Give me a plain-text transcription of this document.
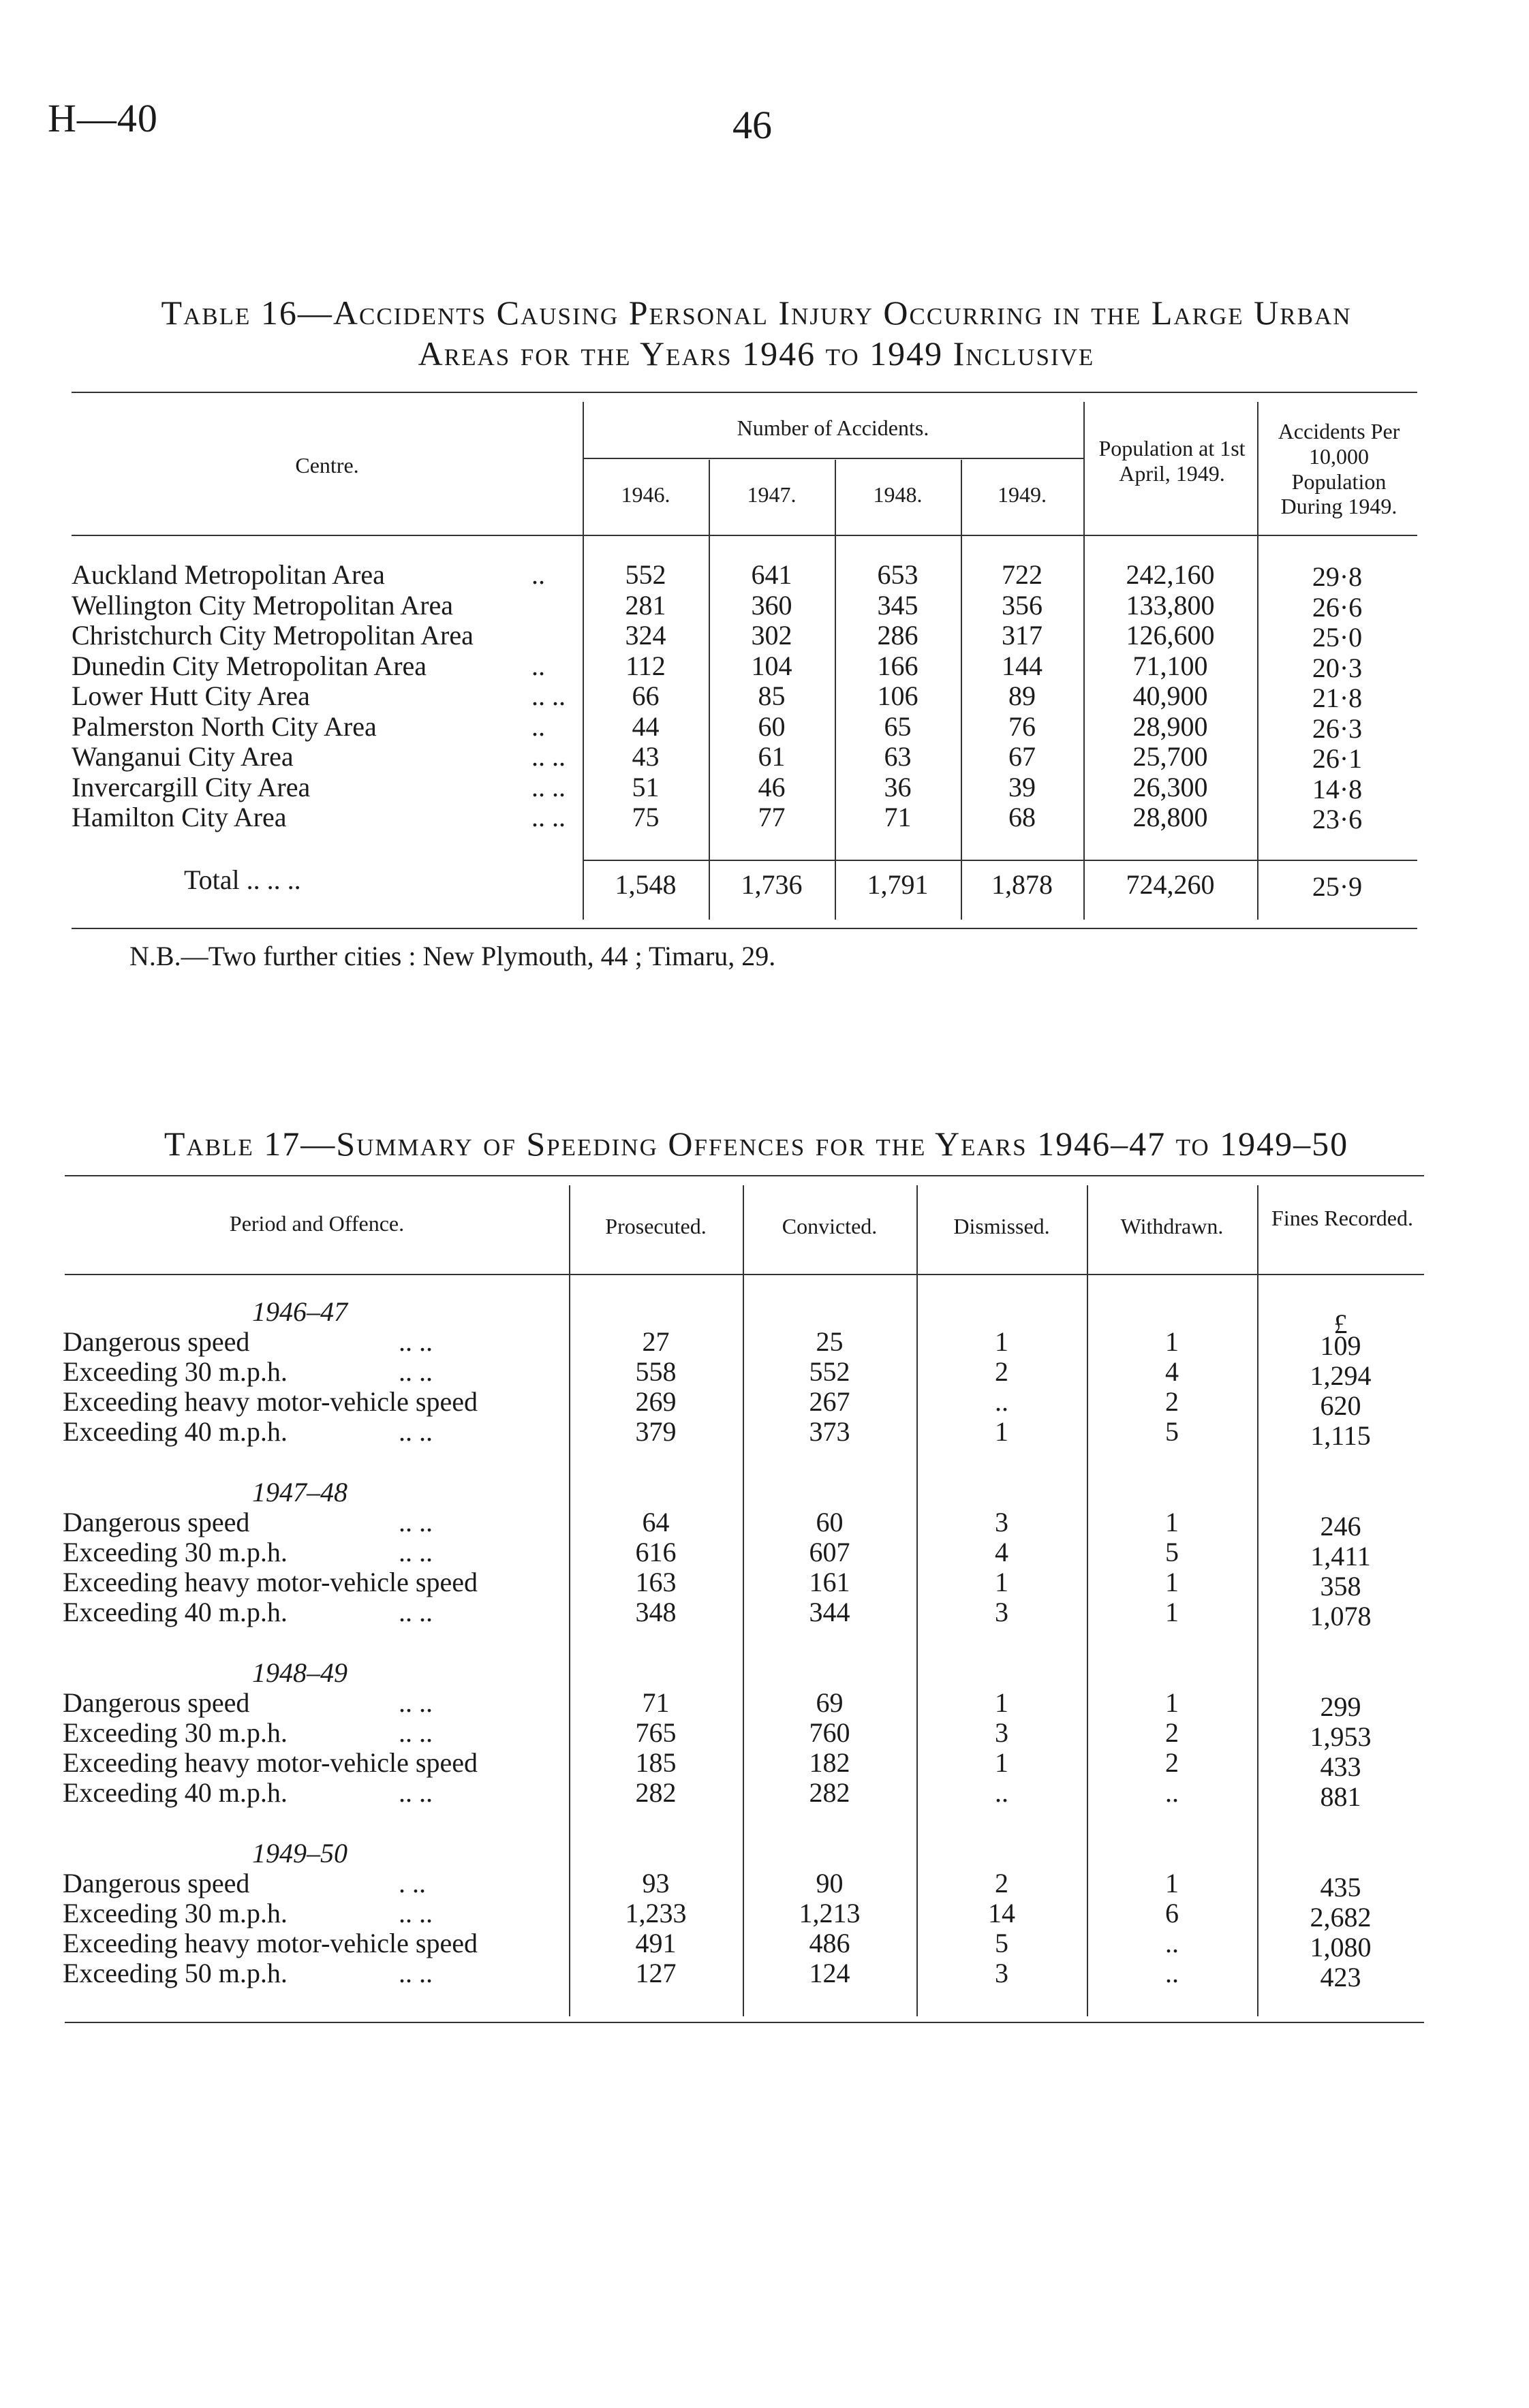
H—40	46
Table 16—Accidents Causing Personal Injury Occurring in the Large Urban
Areas for the Years 1946 to 1949 Inclusive
Centre.
Number of Accidents.
1946.	1947.	1948.	1949.
Population at 1st April, 1949.
Accidents Per 10,000 Population During 1949.
Auckland Metropolitan Area	..	552	641	653	722	242,160	29·8
Wellington City Metropolitan Area	281	360	345	356	133,800	26·6
Christchurch City Metropolitan Area	324	302	286	317	126,600	25·0
Dunedin City Metropolitan Area	..	112	104	166	144	71,100	20·3
Lower Hutt City Area	.. ..	66	85	106	89	40,900	21·8
Palmerston North City Area	..	44	60	65	76	28,900	26·3
Wanganui City Area	.. ..	43	61	63	67	25,700	26·1
Invercargill City Area	.. ..	51	46	36	39	26,300	14·8
Hamilton City Area	.. ..	75	77	71	68	28,800	23·6
Total .. .. ..	1,548	1,736	1,791	1,878	724,260	25·9
N.B.—Two further cities : New Plymouth, 44 ; Timaru, 29.
Table 17—Summary of Speeding Offences for the Years 1946–47 to 1949–50
Period and Offence.	Prosecuted.	Convicted.	Dismissed.	Withdrawn.	Fines Recorded.
£
1946–47
Dangerous speed	.. ..	27	25	1	1	109
Exceeding 30 m.p.h.	.. ..	558	552	2	4	1,294
Exceeding heavy motor-vehicle speed	269	267	..	2	620
Exceeding 40 m.p.h.	.. ..	379	373	1	5	1,115
1947–48
Dangerous speed	.. ..	64	60	3	1	246
Exceeding 30 m.p.h.	.. ..	616	607	4	5	1,411
Exceeding heavy motor-vehicle speed	163	161	1	1	358
Exceeding 40 m.p.h.	.. ..	348	344	3	1	1,078
1948–49
Dangerous speed	.. ..	71	69	1	1	299
Exceeding 30 m.p.h.	.. ..	765	760	3	2	1,953
Exceeding heavy motor-vehicle speed	185	182	1	2	433
Exceeding 40 m.p.h.	.. ..	282	282	..	..	881
1949–50
Dangerous speed	. ..	93	90	2	1	435
Exceeding 30 m.p.h.	.. ..	1,233	1,213	14	6	2,682
Exceeding heavy motor-vehicle speed	491	486	5	..	1,080
Exceeding 50 m.p.h.	.. ..	127	124	3	..	423
